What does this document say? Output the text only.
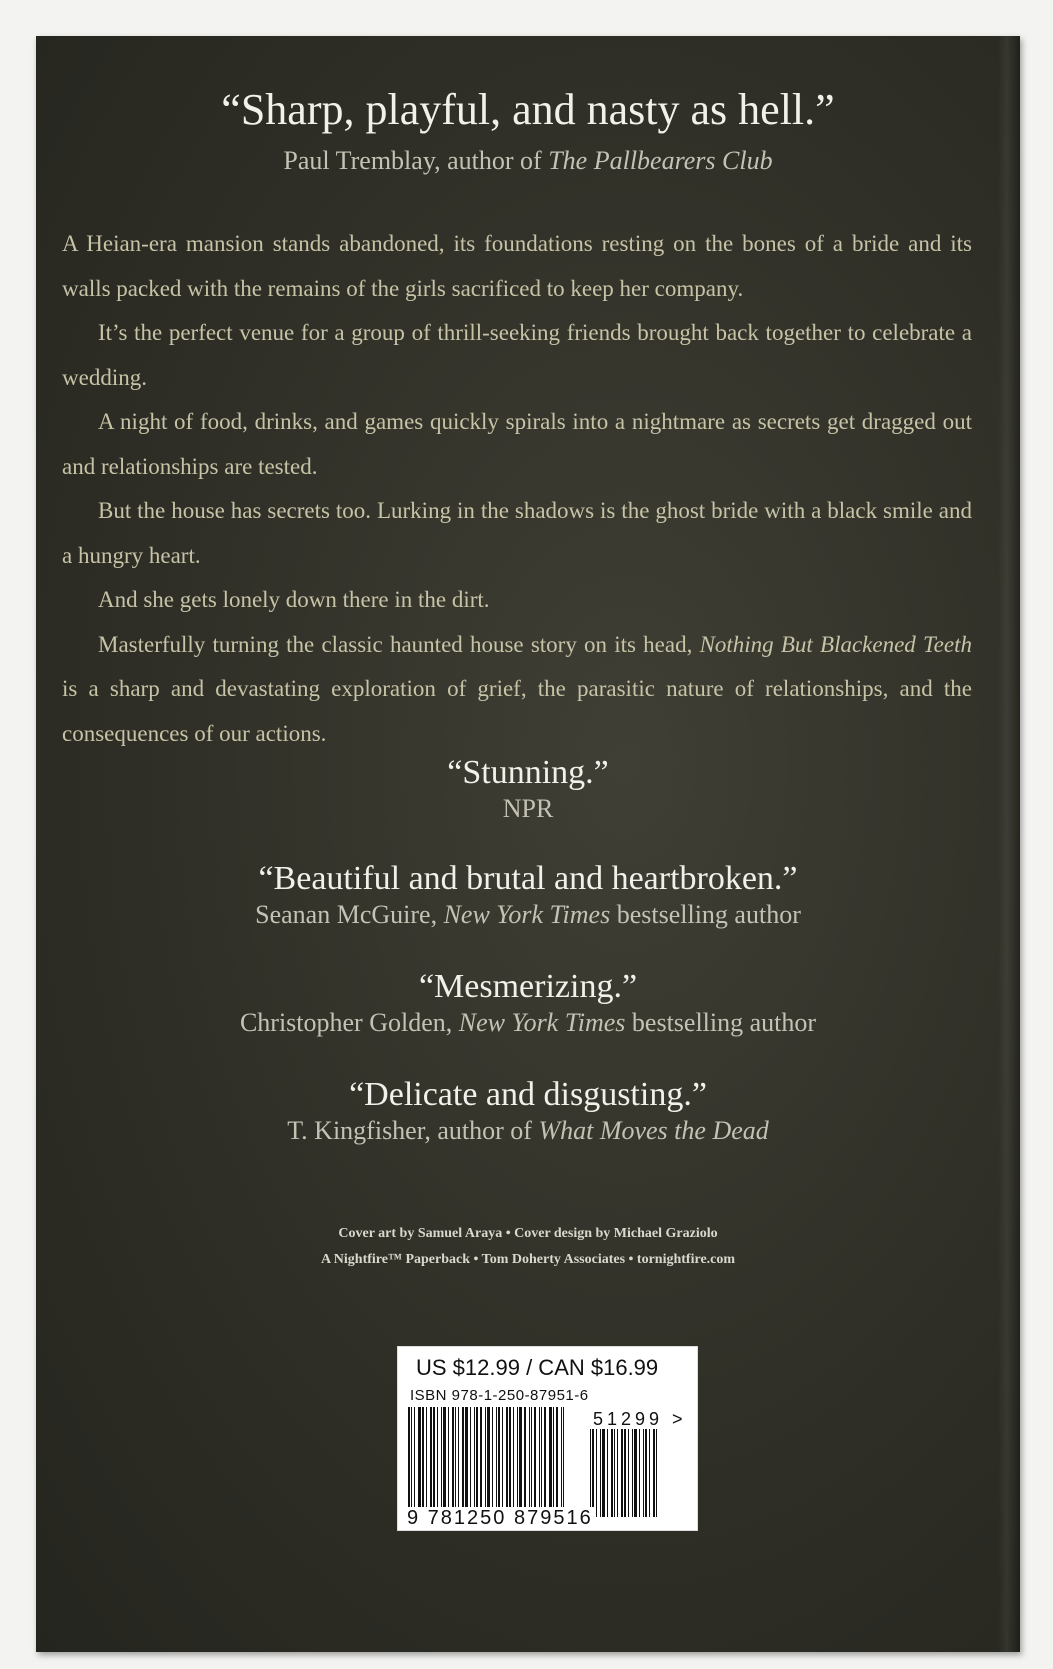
“Sharp, playful, and nasty as hell.”

Paul Tremblay, author of The Pallbearers Club

A Heian-era mansion stands abandoned, its foundations resting on the bones of a bride and its walls packed with the remains of the girls sacrificed to keep her company.

It’s the perfect venue for a group of thrill-seeking friends brought back together to celebrate a wedding.

A night of food, drinks, and games quickly spirals into a nightmare as secrets get dragged out and relationships are tested.

But the house has secrets too. Lurking in the shadows is the ghost bride with a black smile and a hungry heart.

And she gets lonely down there in the dirt.

Masterfully turning the classic haunted house story on its head, Nothing But Blackened Teeth is a sharp and devastating exploration of grief, the parasitic nature of relationships, and the consequences of our actions.

“Stunning.”

NPR

“Beautiful and brutal and heartbroken.”

Seanan McGuire, New York Times bestselling author

“Mesmerizing.”

Christopher Golden, New York Times bestselling author

“Delicate and disgusting.”

T. Kingfisher, author of What Moves the Dead

Cover art by Samuel Araya • Cover design by Michael Graziolo

A Nightfire™ Paperback • Tom Doherty Associates • tornightfire.com

US $12.99 / CAN $16.99
ISBN 978-1-250-87951-6
51299 >
9 781250 879516
